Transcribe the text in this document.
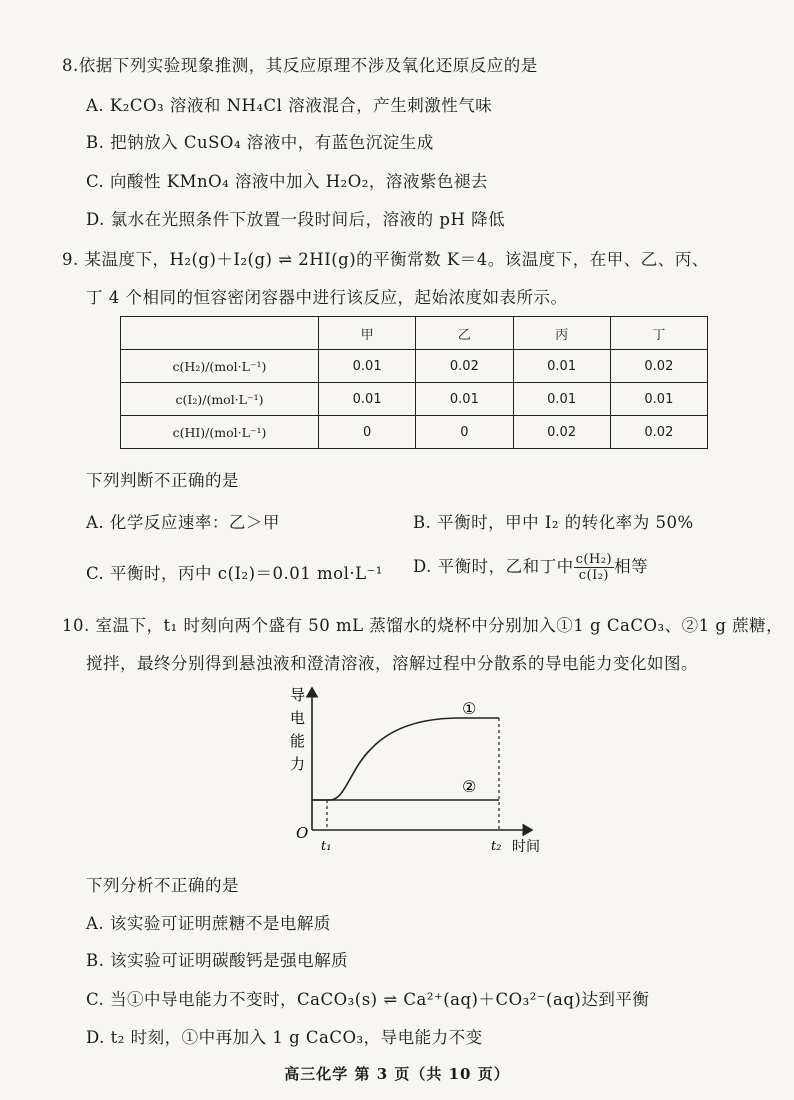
8.依据下列实验现象推测，其反应原理不涉及氧化还原反应的是
A. K₂CO₃ 溶液和 NH₄Cl 溶液混合，产生刺激性气味
B. 把钠放入 CuSO₄ 溶液中，有蓝色沉淀生成
C. 向酸性 KMnO₄ 溶液中加入 H₂O₂，溶液紫色褪去
D. 氯水在光照条件下放置一段时间后，溶液的 pH 降低
9. 某温度下，H₂(g)＋I₂(g) ⇌ 2HI(g)的平衡常数 K＝4。该温度下，在甲、乙、丙、
丁 4 个相同的恒容密闭容器中进行该反应，起始浓度如表所示。
	甲	乙	丙	丁
c(H₂)/(mol·L⁻¹)	0.01	0.02	0.01	0.02
c(I₂)/(mol·L⁻¹)	0.01	0.01	0.01	0.01
c(HI)/(mol·L⁻¹)	0	0	0.02	0.02
下列判断不正确的是
A. 化学反应速率：乙＞甲	B. 平衡时，甲中 I₂ 的转化率为 50%
C. 平衡时，丙中 c(I₂)＝0.01 mol·L⁻¹ D. 平衡时，乙和丁中 $\frac{\text{c(H₂)}}{\text{c(I₂)}}$ 相等
10. 室温下，t₁ 时刻向两个盛有 50 mL 蒸馏水的烧杯中分别加入①1 g CaCO₃、②1 g 蔗糖，
搅拌，最终分别得到悬浊液和澄清溶液，溶解过程中分散系的导电能力变化如图。
导
电
能
力
O
①
②
t₁	t₂ 时间
下列分析不正确的是
A. 该实验可证明蔗糖不是电解质
B. 该实验可证明碳酸钙是强电解质
C. 当①中导电能力不变时，CaCO₃(s) ⇌ Ca²⁺(aq)＋CO₃²⁻(aq)达到平衡
D. t₂ 时刻，①中再加入 1 g CaCO₃，导电能力不变
高三化学 第 3 页（共 10 页）
